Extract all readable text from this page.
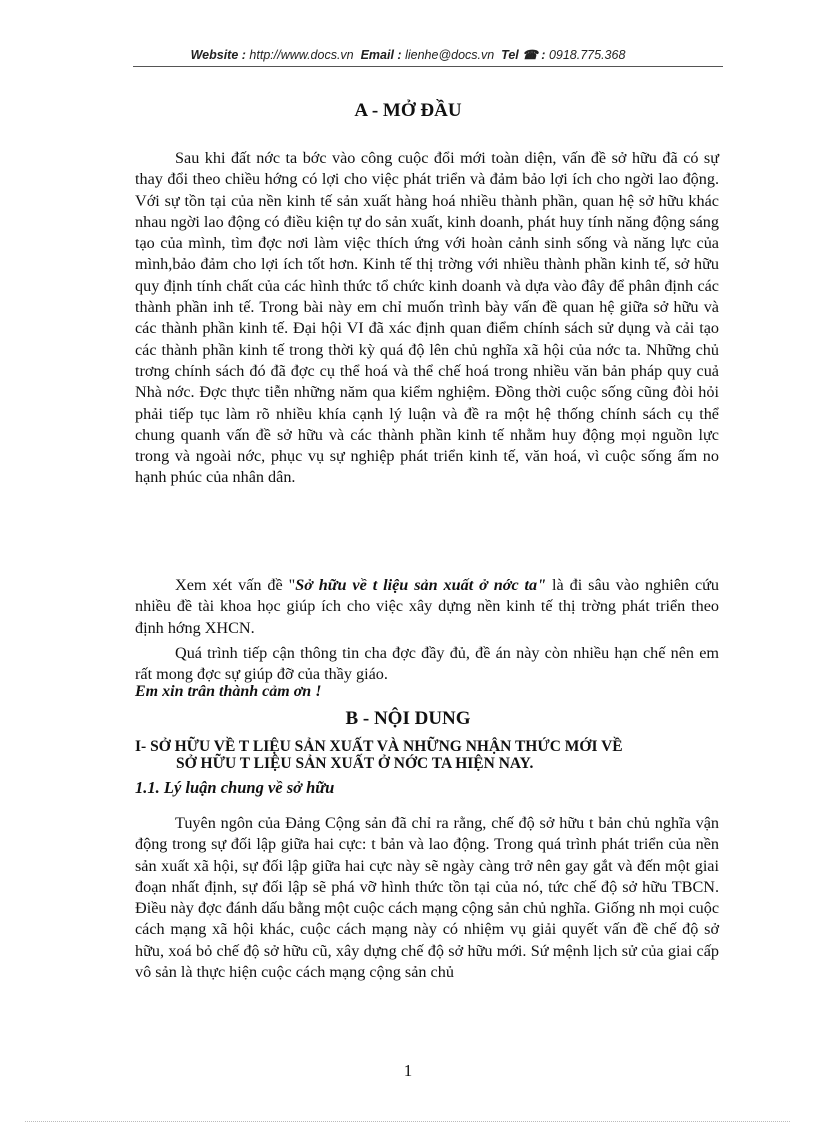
Website : http://www.docs.vn Email : lienhe@docs.vn Tel ☎ : 0918.775.368
A - MỞ ĐẦU
Sau khi đất nớc ta bớc vào công cuộc đổi mới toàn diện, vấn đề sở hữu đã có sự thay đổi theo chiều hớng có lợi cho việc phát triển và đảm bảo lợi ích cho ngời lao động. Với sự tồn tại của nền kinh tế sản xuất hàng hoá nhiều thành phần, quan hệ sở hữu khác nhau ngời lao động có điều kiện tự do sản xuất, kinh doanh, phát huy tính năng động sáng tạo của mình, tìm đợc nơi làm việc thích ứng với hoàn cảnh sinh sống và năng lực của mình,bảo đảm cho lợi ích tốt hơn. Kinh tế thị trờng với nhiều thành phần kinh tế, sở hữu quy định tính chất của các hình thức tổ chức kinh doanh và dựa vào đây để phân định các thành phần inh tế. Trong bài này em chỉ muốn trình bày vấn đề quan hệ giữa sở hữu và các thành phần kinh tế. Đại hội VI đã xác định quan điểm chính sách sử dụng và cải tạo các thành phần kinh tế trong thời kỳ quá độ lên chủ nghĩa xã hội của nớc ta. Những chủ trơng chính sách đó đã đợc cụ thể hoá và thể chế hoá trong nhiều văn bản pháp quy cuả Nhà nớc. Đợc thực tiễn những năm qua kiểm nghiệm. Đồng thời cuộc sống cũng đòi hỏi phải tiếp tục làm rõ nhiều khía cạnh lý luận và đề ra một hệ thống chính sách cụ thể chung quanh vấn đề sở hữu và các thành phần kinh tế nhằm huy động mọi nguồn lực trong và ngoài nớc, phục vụ sự nghiệp phát triển kinh tế, văn hoá, vì cuộc sống ấm no hạnh phúc của nhân dân.
Xem xét vấn đề "Sở hữu về t liệu sản xuất ở nớc ta" là đi sâu vào nghiên cứu nhiều đề tài khoa học giúp ích cho việc xây dựng nền kinh tế thị trờng phát triển theo định hớng XHCN.
Quá trình tiếp cận thông tin cha đợc đầy đủ, đề án này còn nhiều hạn chế nên em rất mong đợc sự giúp đỡ của thầy giáo.
Em xin trân thành cảm ơn !
B - NỘI DUNG
I- SỞ HỮU VỀ T LIỆU SẢN XUẤT VÀ NHỮNG NHẬN THỨC MỚI VỀ
SỞ HỮU T LIỆU SẢN XUẤT Ở NỚC TA HIỆN NAY.
1.1. Lý luận chung về sở hữu
Tuyên ngôn của Đảng Cộng sản đã chỉ ra rằng, chế độ sở hữu t bản chủ nghĩa vận động trong sự đối lập giữa hai cực: t bản và lao động. Trong quá trình phát triển của nền sản xuất xã hội, sự đối lập giữa hai cực này sẽ ngày càng trở nên gay gắt và đến một giai đoạn nhất định, sự đối lập sẽ phá vỡ hình thức tồn tại của nó, tức chế độ sở hữu TBCN. Điều này đợc đánh dấu bằng một cuộc cách mạng cộng sản chủ nghĩa. Giống nh mọi cuộc cách mạng xã hội khác, cuộc cách mạng này có nhiệm vụ giải quyết vấn đề chế độ sở hữu, xoá bỏ chế độ sở hữu cũ, xây dựng chế độ sở hữu mới. Sứ mệnh lịch sử của giai cấp vô sản là thực hiện cuộc cách mạng cộng sản chủ
1
